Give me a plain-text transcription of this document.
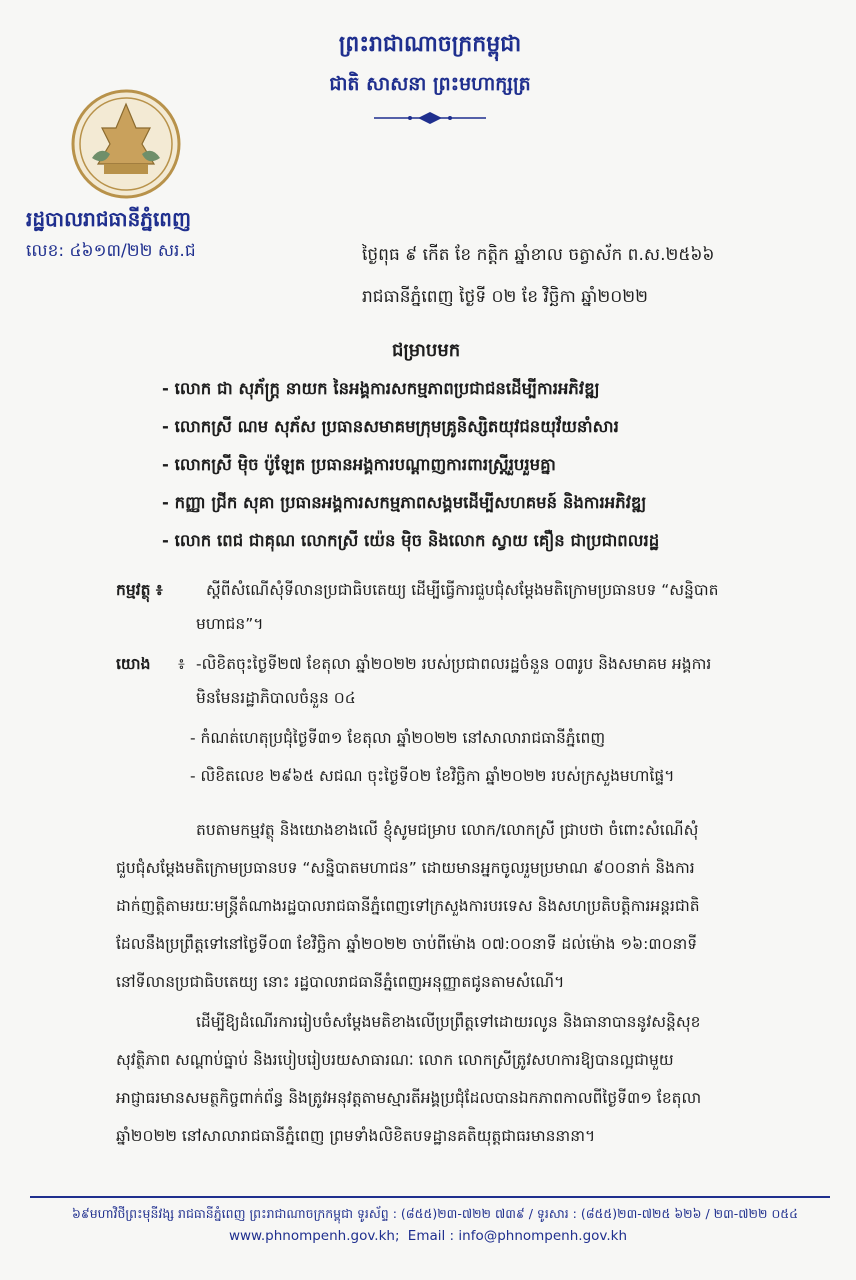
ព្រះរាជាណាចក្រកម្ពុជា
ជាតិ សាសនា ព្រះមហាក្សត្រ
រដ្ឋបាលរាជធានីភ្នំពេញ
លេខ: ៤៦១៣/២២ សរ.ជ	ថ្ងៃពុធ ៩ កើត ខែ កត្តិក ឆ្នាំខាល ចត្វាស័ក ព.ស.២៥៦៦
រាជធានីភ្នំពេញ ថ្ងៃទី ០២ ខែ វិច្ឆិកា ឆ្នាំ២០២២
ជម្រាបមក
- លោក ជា សុភ័ក្ត្រ នាយក នៃអង្គការសកម្មភាពប្រជាជនដើម្បីការអភិវឌ្ឍ
- លោកស្រី ណម សុភ័ស ប្រធានសមាគមក្រុមគ្រូនិស្សិតយុវជនយុវ័យនាំសារ
- លោកស្រី ម៉ិច ប៉ូឡែត ប្រធានអង្គការបណ្តាញការពារស្ត្រីរួបរួមគ្នា
- កញ្ញា ជ្រីក សុគា ប្រធានអង្គការសកម្មភាពសង្គមដើម្បីសហគមន៍ និងការអភិវឌ្ឍ
- លោក ពេជ ជាគុណ លោកស្រី យ៉េន ម៉ិច និងលោក ស្វាយ គឿន ជាប្រជាពលរដ្ឋ
កម្មវត្ថុ ៖	ស្តីពីសំណើសុំទីលានប្រជាធិបតេយ្យ ដើម្បីធ្វើការជួបជុំសម្តែងមតិក្រោមប្រធានបទ “សន្និបាត
មហាជន”។
យោង ៖ -លិខិតចុះថ្ងៃទី២៧ ខែតុលា ឆ្នាំ២០២២ របស់ប្រជាពលរដ្ឋចំនួន ០៣រូប និងសមាគម អង្គការ
មិនមែនរដ្ឋាភិបាលចំនួន ០៤
- កំណត់ហេតុប្រជុំថ្ងៃទី៣១ ខែតុលា ឆ្នាំ២០២២ នៅសាលារាជធានីភ្នំពេញ
- លិខិតលេខ ២៩៦៥ សជណ ចុះថ្ងៃទី០២ ខែវិច្ឆិកា ឆ្នាំ២០២២ របស់ក្រសួងមហាផ្ទៃ។
តបតាមកម្មវត្ថុ និងយោងខាងលើ ខ្ញុំសូមជម្រាប លោក/លោកស្រី ជ្រាបថា ចំពោះសំណើសុំ
ជួបជុំសម្តែងមតិក្រោមប្រធានបទ “សន្និបាតមហាជន” ដោយមានអ្នកចូលរួមប្រមាណ ៩០០នាក់ និងការ
ដាក់ញត្តិតាមរយៈមន្ត្រីតំណាងរដ្ឋបាលរាជធានីភ្នំពេញទៅក្រសួងការបរទេស និងសហប្រតិបត្តិការអន្តរជាតិ
ដែលនឹងប្រព្រឹត្តទៅនៅថ្ងៃទី០៣ ខែវិច្ឆិកា ឆ្នាំ២០២២ ចាប់ពីម៉ោង ០៧:០០នាទី ដល់ម៉ោង ១៦:៣០នាទី
នៅទីលានប្រជាធិបតេយ្យ នោះ រដ្ឋបាលរាជធានីភ្នំពេញអនុញ្ញាតជូនតាមសំណើ។
ដើម្បីឱ្យដំណើរការរៀបចំសម្តែងមតិខាងលើប្រព្រឹត្តទៅដោយរលូន និងធានាបាននូវសន្តិសុខ
សុវត្ថិភាព សណ្តាប់ធ្នាប់ និងរបៀបរៀបរយសាធារណៈ លោក លោកស្រីត្រូវសហការឱ្យបានល្អជាមួយ
អាជ្ញាធរមានសមត្ថកិច្ចពាក់ព័ន្ធ និងត្រូវអនុវត្តតាមស្មារតីអង្គប្រជុំដែលបានឯកភាពកាលពីថ្ងៃទី៣១ ខែតុលា
ឆ្នាំ២០២២ នៅសាលារាជធានីភ្នំពេញ ព្រមទាំងលិខិតបទដ្ឋានគតិយុត្តជាធរមាននានា។
៦៩មហាវិថីព្រះមុនីវង្ស រាជធានីភ្នំពេញ ព្រះរាជាណាចក្រកម្ពុជា ទូរស័ព្ទ : (៨៥៥)២៣-៧២២ ៧៣៩ / ទូរសារ : (៨៥៥)២៣-៧២៥ ៦២៦ / ២៣-៧២២ ០៥៤
www.phnompenh.gov.kh; Email : info@phnompenh.gov.kh
